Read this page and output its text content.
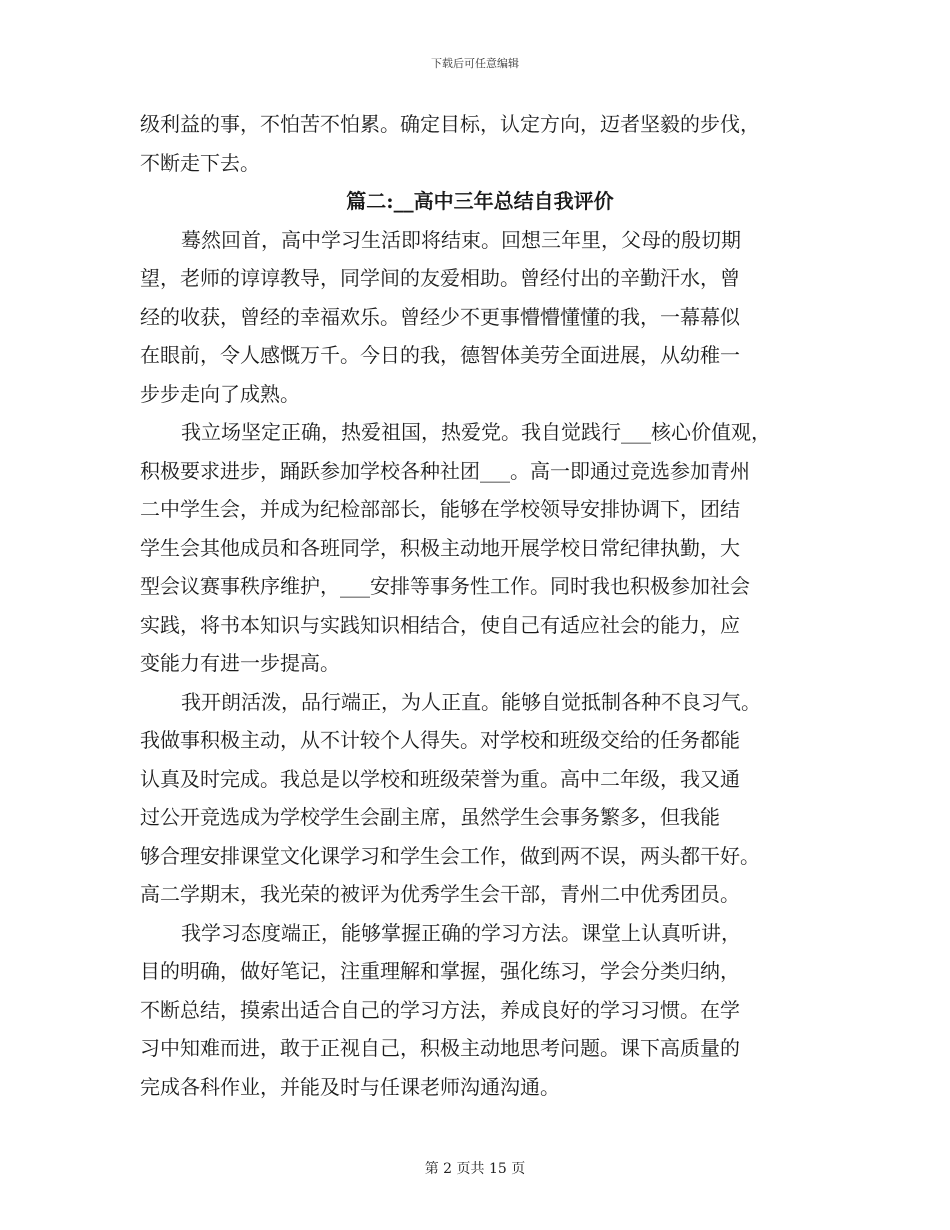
下载后可任意编辑
级利益的事，不怕苦不怕累。确定目标，认定方向，迈者坚毅的步伐，
不断走下去。
篇二:__高中三年总结自我评价
蓦然回首，高中学习生活即将结束。回想三年里，父母的殷切期
望，老师的谆谆教导，同学间的友爱相助。曾经付出的辛勤汗水，曾
经的收获，曾经的幸福欢乐。曾经少不更事懵懵懂懂的我，一幕幕似
在眼前，令人感慨万千。今日的我，德智体美劳全面进展，从幼稚一
步步走向了成熟。
我立场坚定正确，热爱祖国，热爱党。我自觉践行___核心价值观，
积极要求进步，踊跃参加学校各种社团___。高一即通过竞选参加青州
二中学生会，并成为纪检部部长，能够在学校领导安排协调下，团结
学生会其他成员和各班同学，积极主动地开展学校日常纪律执勤，大
型会议赛事秩序维护，___安排等事务性工作。同时我也积极参加社会
实践，将书本知识与实践知识相结合，使自己有适应社会的能力，应
变能力有进一步提高。
我开朗活泼，品行端正，为人正直。能够自觉抵制各种不良习气。
我做事积极主动，从不计较个人得失。对学校和班级交给的任务都能
认真及时完成。我总是以学校和班级荣誉为重。高中二年级，我又通
过公开竞选成为学校学生会副主席，虽然学生会事务繁多，但我能
够合理安排课堂文化课学习和学生会工作，做到两不误，两头都干好。
高二学期末，我光荣的被评为优秀学生会干部，青州二中优秀团员。
我学习态度端正，能够掌握正确的学习方法。课堂上认真听讲，
目的明确，做好笔记，注重理解和掌握，强化练习，学会分类归纳，
不断总结，摸索出适合自己的学习方法，养成良好的学习习惯。在学
习中知难而进，敢于正视自己，积极主动地思考问题。课下高质量的
完成各科作业，并能及时与任课老师沟通沟通。
第 2 页共 15 页
